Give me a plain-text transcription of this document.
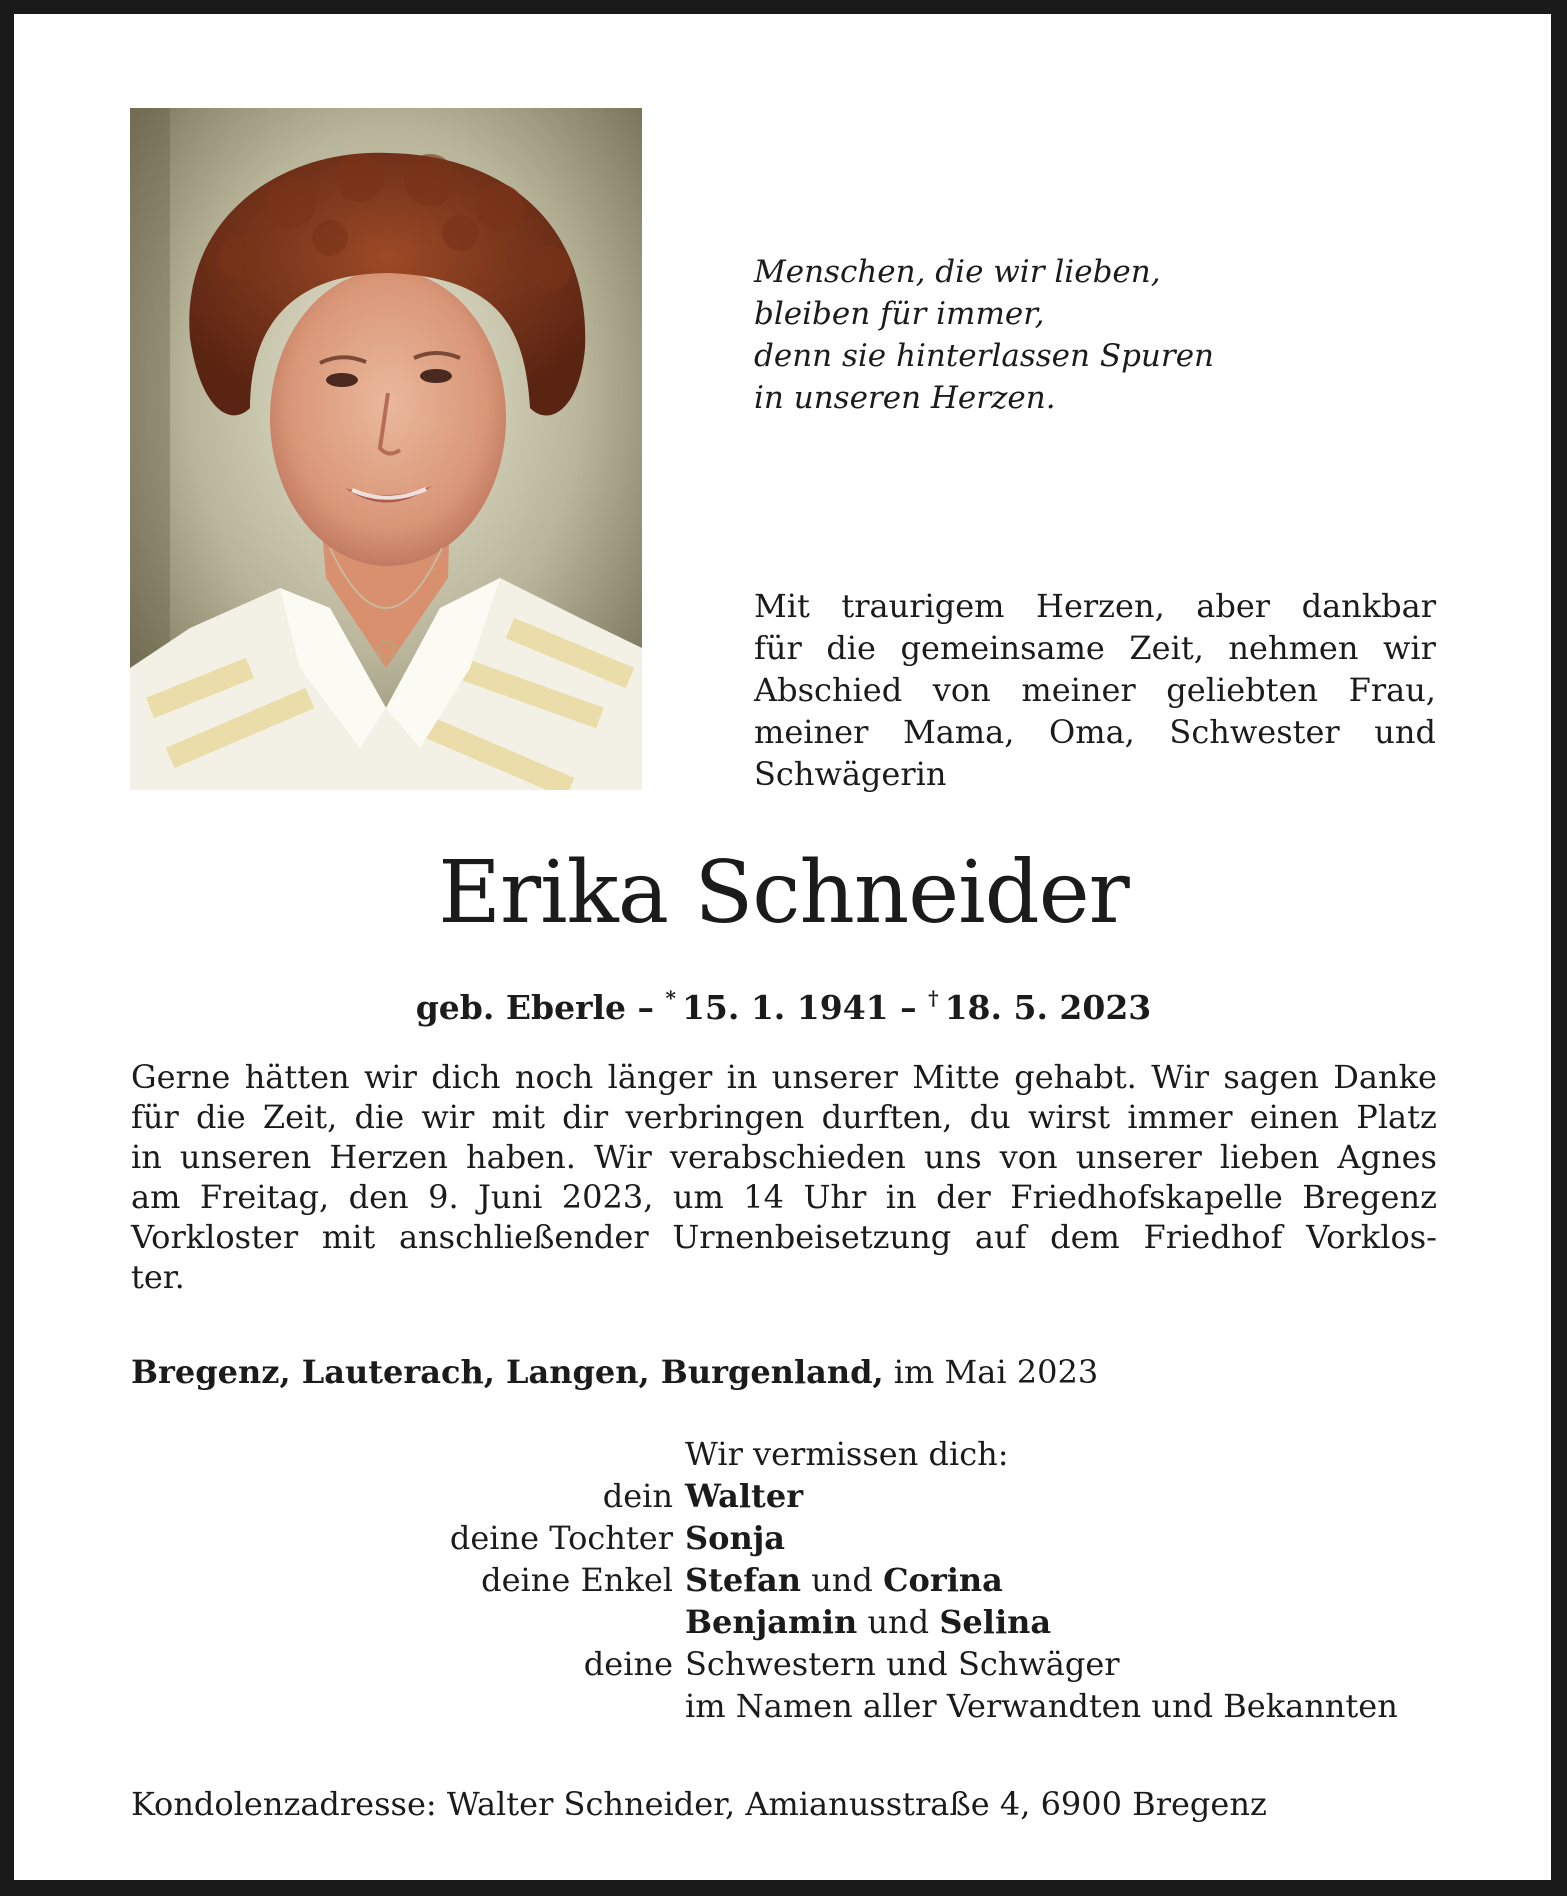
Menschen, die wir lieben,
bleiben für immer,
denn sie hinterlassen Spuren
in unseren Herzen.
Mit traurigem Herzen, aber dankbar
für die gemeinsame Zeit, nehmen wir
Abschied von meiner geliebten Frau,
meiner Mama, Oma, Schwester und
Schwägerin
Erika Schneider
geb. Eberle – * 15. 1. 1941 – † 18. 5. 2023
Gerne hätten wir dich noch länger in unserer Mitte gehabt. Wir sagen Danke
für die Zeit, die wir mit dir verbringen durften, du wirst immer einen Platz
in unseren Herzen haben. Wir verabschieden uns von unserer lieben Agnes
am Freitag, den 9. Juni 2023, um 14 Uhr in der Friedhofskapelle Bregenz
Vorkloster mit anschließender Urnenbeisetzung auf dem Friedhof Vorklos-
ter.
Bregenz, Lauterach, Langen, Burgenland, im Mai 2023
Wir vermissen dich:
dein Walter
deine Tochter Sonja
deine Enkel Stefan und Corina
Benjamin und Selina
deine Schwestern und Schwäger
im Namen aller Verwandten und Bekannten
Kondolenzadresse: Walter Schneider, Amianusstraße 4, 6900 Bregenz
